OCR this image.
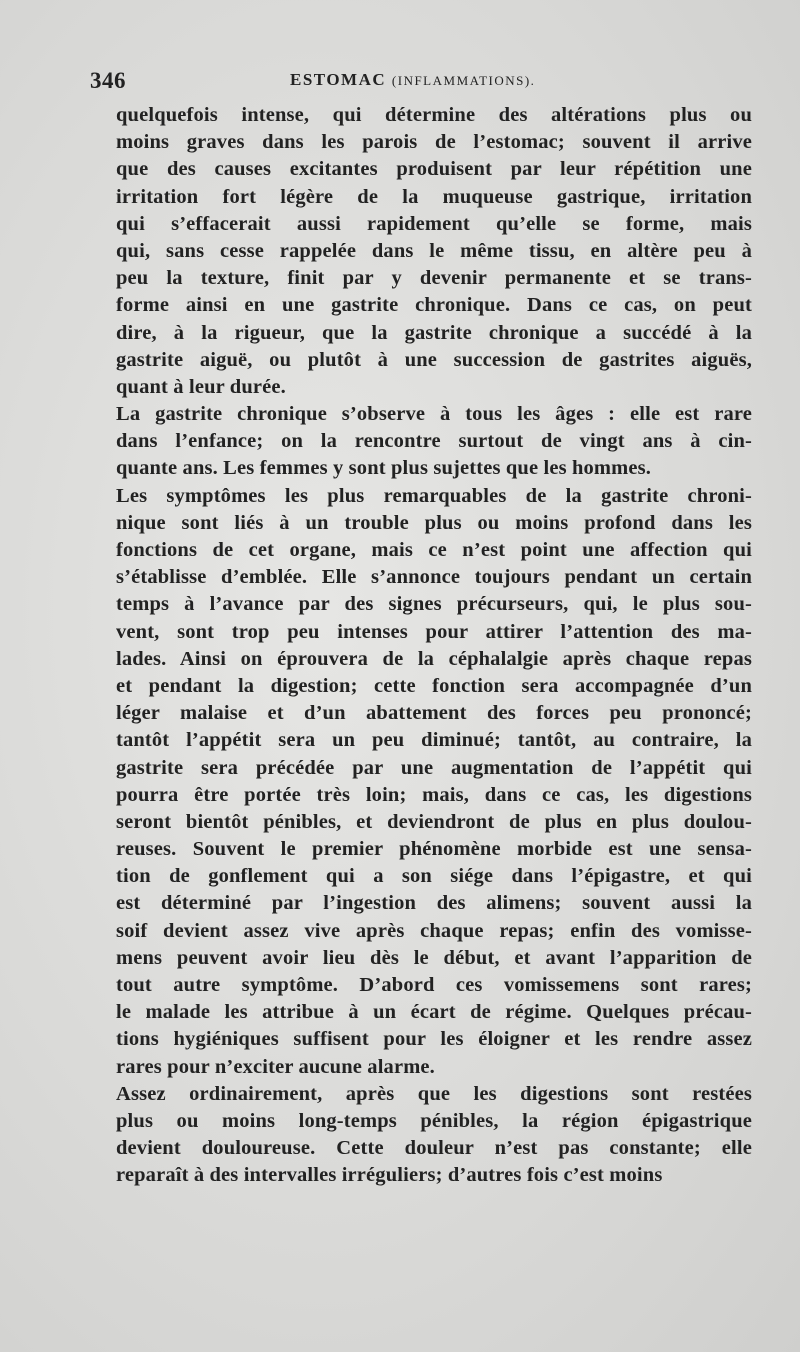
346	ESTOMAC (INFLAMMATIONS).

quelquefois intense, qui détermine des altérations plus ou
moins graves dans les parois de l’estomac; souvent il arrive
que des causes excitantes produisent par leur répétition une
irritation fort légère de la muqueuse gastrique, irritation
qui s’effacerait aussi rapidement qu’elle se forme, mais
qui, sans cesse rappelée dans le même tissu, en altère peu à
peu la texture, finit par y devenir permanente et se trans-
forme ainsi en une gastrite chronique. Dans ce cas, on peut
dire, à la rigueur, que la gastrite chronique a succédé à la
gastrite aiguë, ou plutôt à une succession de gastrites aiguës,
quant à leur durée.

La gastrite chronique s’observe à tous les âges : elle est rare
dans l’enfance; on la rencontre surtout de vingt ans à cin-
quante ans. Les femmes y sont plus sujettes que les hommes.

Les symptômes les plus remarquables de la gastrite chroni-
nique sont liés à un trouble plus ou moins profond dans les
fonctions de cet organe, mais ce n’est point une affection qui
s’établisse d’emblée. Elle s’annonce toujours pendant un certain
temps à l’avance par des signes précurseurs, qui, le plus sou-
vent, sont trop peu intenses pour attirer l’attention des ma-
lades. Ainsi on éprouvera de la céphalalgie après chaque repas
et pendant la digestion; cette fonction sera accompagnée d’un
léger malaise et d’un abattement des forces peu prononcé;
tantôt l’appétit sera un peu diminué; tantôt, au contraire, la
gastrite sera précédée par une augmentation de l’appétit qui
pourra être portée très loin; mais, dans ce cas, les digestions
seront bientôt pénibles, et deviendront de plus en plus doulou-
reuses. Souvent le premier phénomène morbide est une sensa-
tion de gonflement qui a son siége dans l’épigastre, et qui
est déterminé par l’ingestion des alimens; souvent aussi la
soif devient assez vive après chaque repas; enfin des vomisse-
mens peuvent avoir lieu dès le début, et avant l’apparition de
tout autre symptôme. D’abord ces vomissemens sont rares;
le malade les attribue à un écart de régime. Quelques précau-
tions hygiéniques suffisent pour les éloigner et les rendre assez
rares pour n’exciter aucune alarme.

Assez ordinairement, après que les digestions sont restées
plus ou moins long-temps pénibles, la région épigastrique
devient douloureuse. Cette douleur n’est pas constante; elle
reparaît à des intervalles irréguliers; d’autres fois c’est moins
